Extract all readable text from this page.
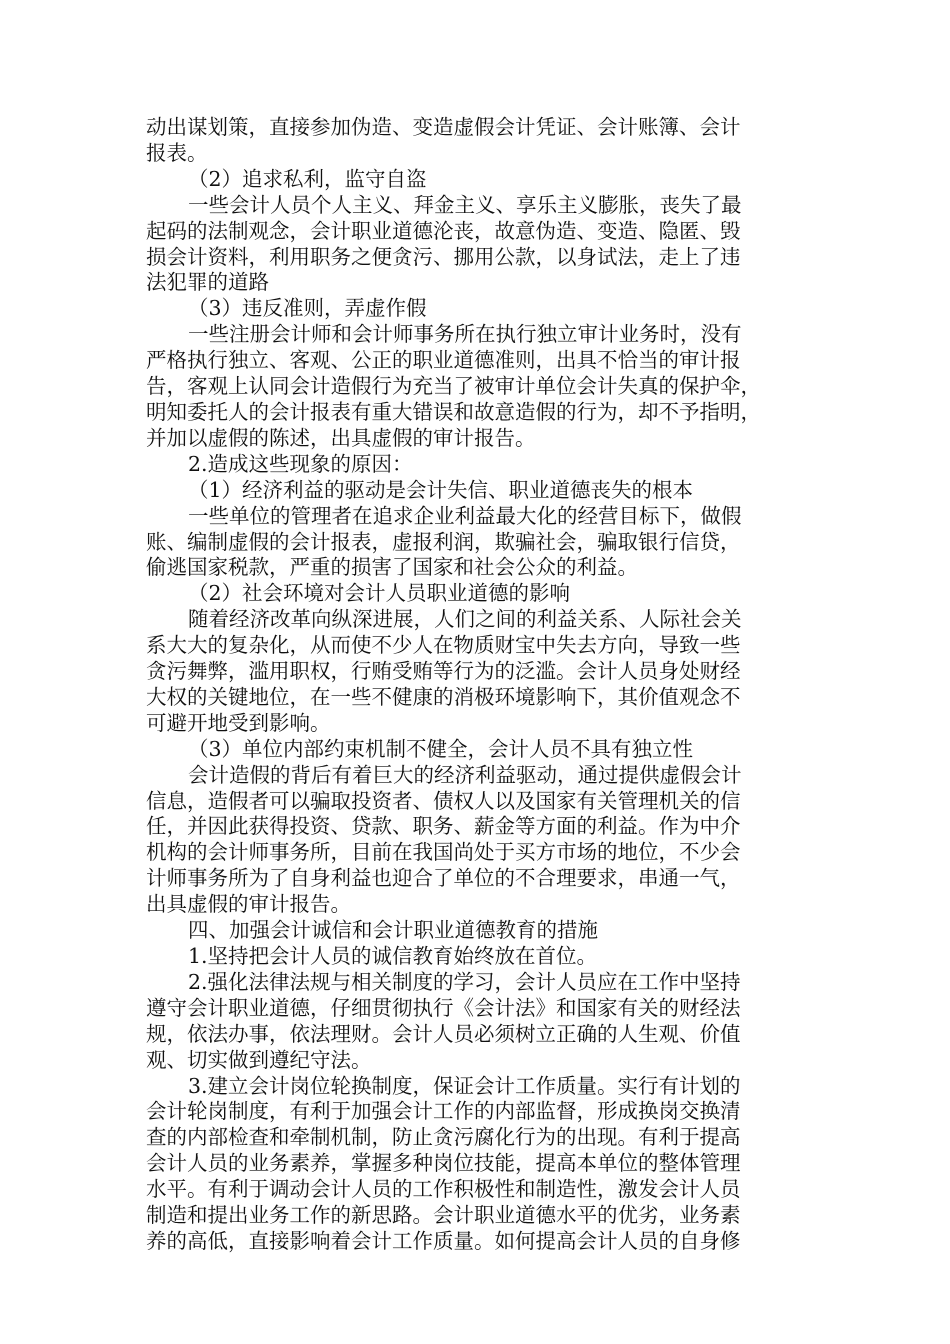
动出谋划策，直接参加伪造、变造虚假会计凭证、会计账簿、会计
报表。

（2）追求私利，监守自盗

一些会计人员个人主义、拜金主义、享乐主义膨胀，丧失了最
起码的法制观念，会计职业道德沦丧，故意伪造、变造、隐匿、毁
损会计资料，利用职务之便贪污、挪用公款，以身试法，走上了违
法犯罪的道路

（3）违反准则，弄虚作假

一些注册会计师和会计师事务所在执行独立审计业务时，没有
严格执行独立、客观、公正的职业道德准则，出具不恰当的审计报
告，客观上认同会计造假行为充当了被审计单位会计失真的保护伞，
明知委托人的会计报表有重大错误和故意造假的行为，却不予指明，
并加以虚假的陈述，出具虚假的审计报告。

2.造成这些现象的原因：

（1）经济利益的驱动是会计失信、职业道德丧失的根本

一些单位的管理者在追求企业利益最大化的经营目标下，做假
账、编制虚假的会计报表，虚报利润，欺骗社会，骗取银行信贷，
偷逃国家税款，严重的损害了国家和社会公众的利益。

（2）社会环境对会计人员职业道德的影响

随着经济改革向纵深进展，人们之间的利益关系、人际社会关
系大大的复杂化，从而使不少人在物质财宝中失去方向，导致一些
贪污舞弊，滥用职权，行贿受贿等行为的泛滥。会计人员身处财经
大权的关键地位，在一些不健康的消极环境影响下，其价值观念不
可避开地受到影响。

（3）单位内部约束机制不健全，会计人员不具有独立性

会计造假的背后有着巨大的经济利益驱动，通过提供虚假会计
信息，造假者可以骗取投资者、债权人以及国家有关管理机关的信
任，并因此获得投资、贷款、职务、薪金等方面的利益。作为中介
机构的会计师事务所，目前在我国尚处于买方市场的地位，不少会
计师事务所为了自身利益也迎合了单位的不合理要求，串通一气，
出具虚假的审计报告。

四、加强会计诚信和会计职业道德教育的措施

1.坚持把会计人员的诚信教育始终放在首位。

2.强化法律法规与相关制度的学习，会计人员应在工作中坚持
遵守会计职业道德，仔细贯彻执行《会计法》和国家有关的财经法
规，依法办事，依法理财。会计人员必须树立正确的人生观、价值
观、切实做到遵纪守法。

3.建立会计岗位轮换制度，保证会计工作质量。实行有计划的
会计轮岗制度，有利于加强会计工作的内部监督，形成换岗交换清
查的内部检查和牵制机制，防止贪污腐化行为的出现。有利于提高
会计人员的业务素养，掌握多种岗位技能，提高本单位的整体管理
水平。有利于调动会计人员的工作积极性和制造性，激发会计人员
制造和提出业务工作的新思路。会计职业道德水平的优劣，业务素
养的高低，直接影响着会计工作质量。如何提高会计人员的自身修
